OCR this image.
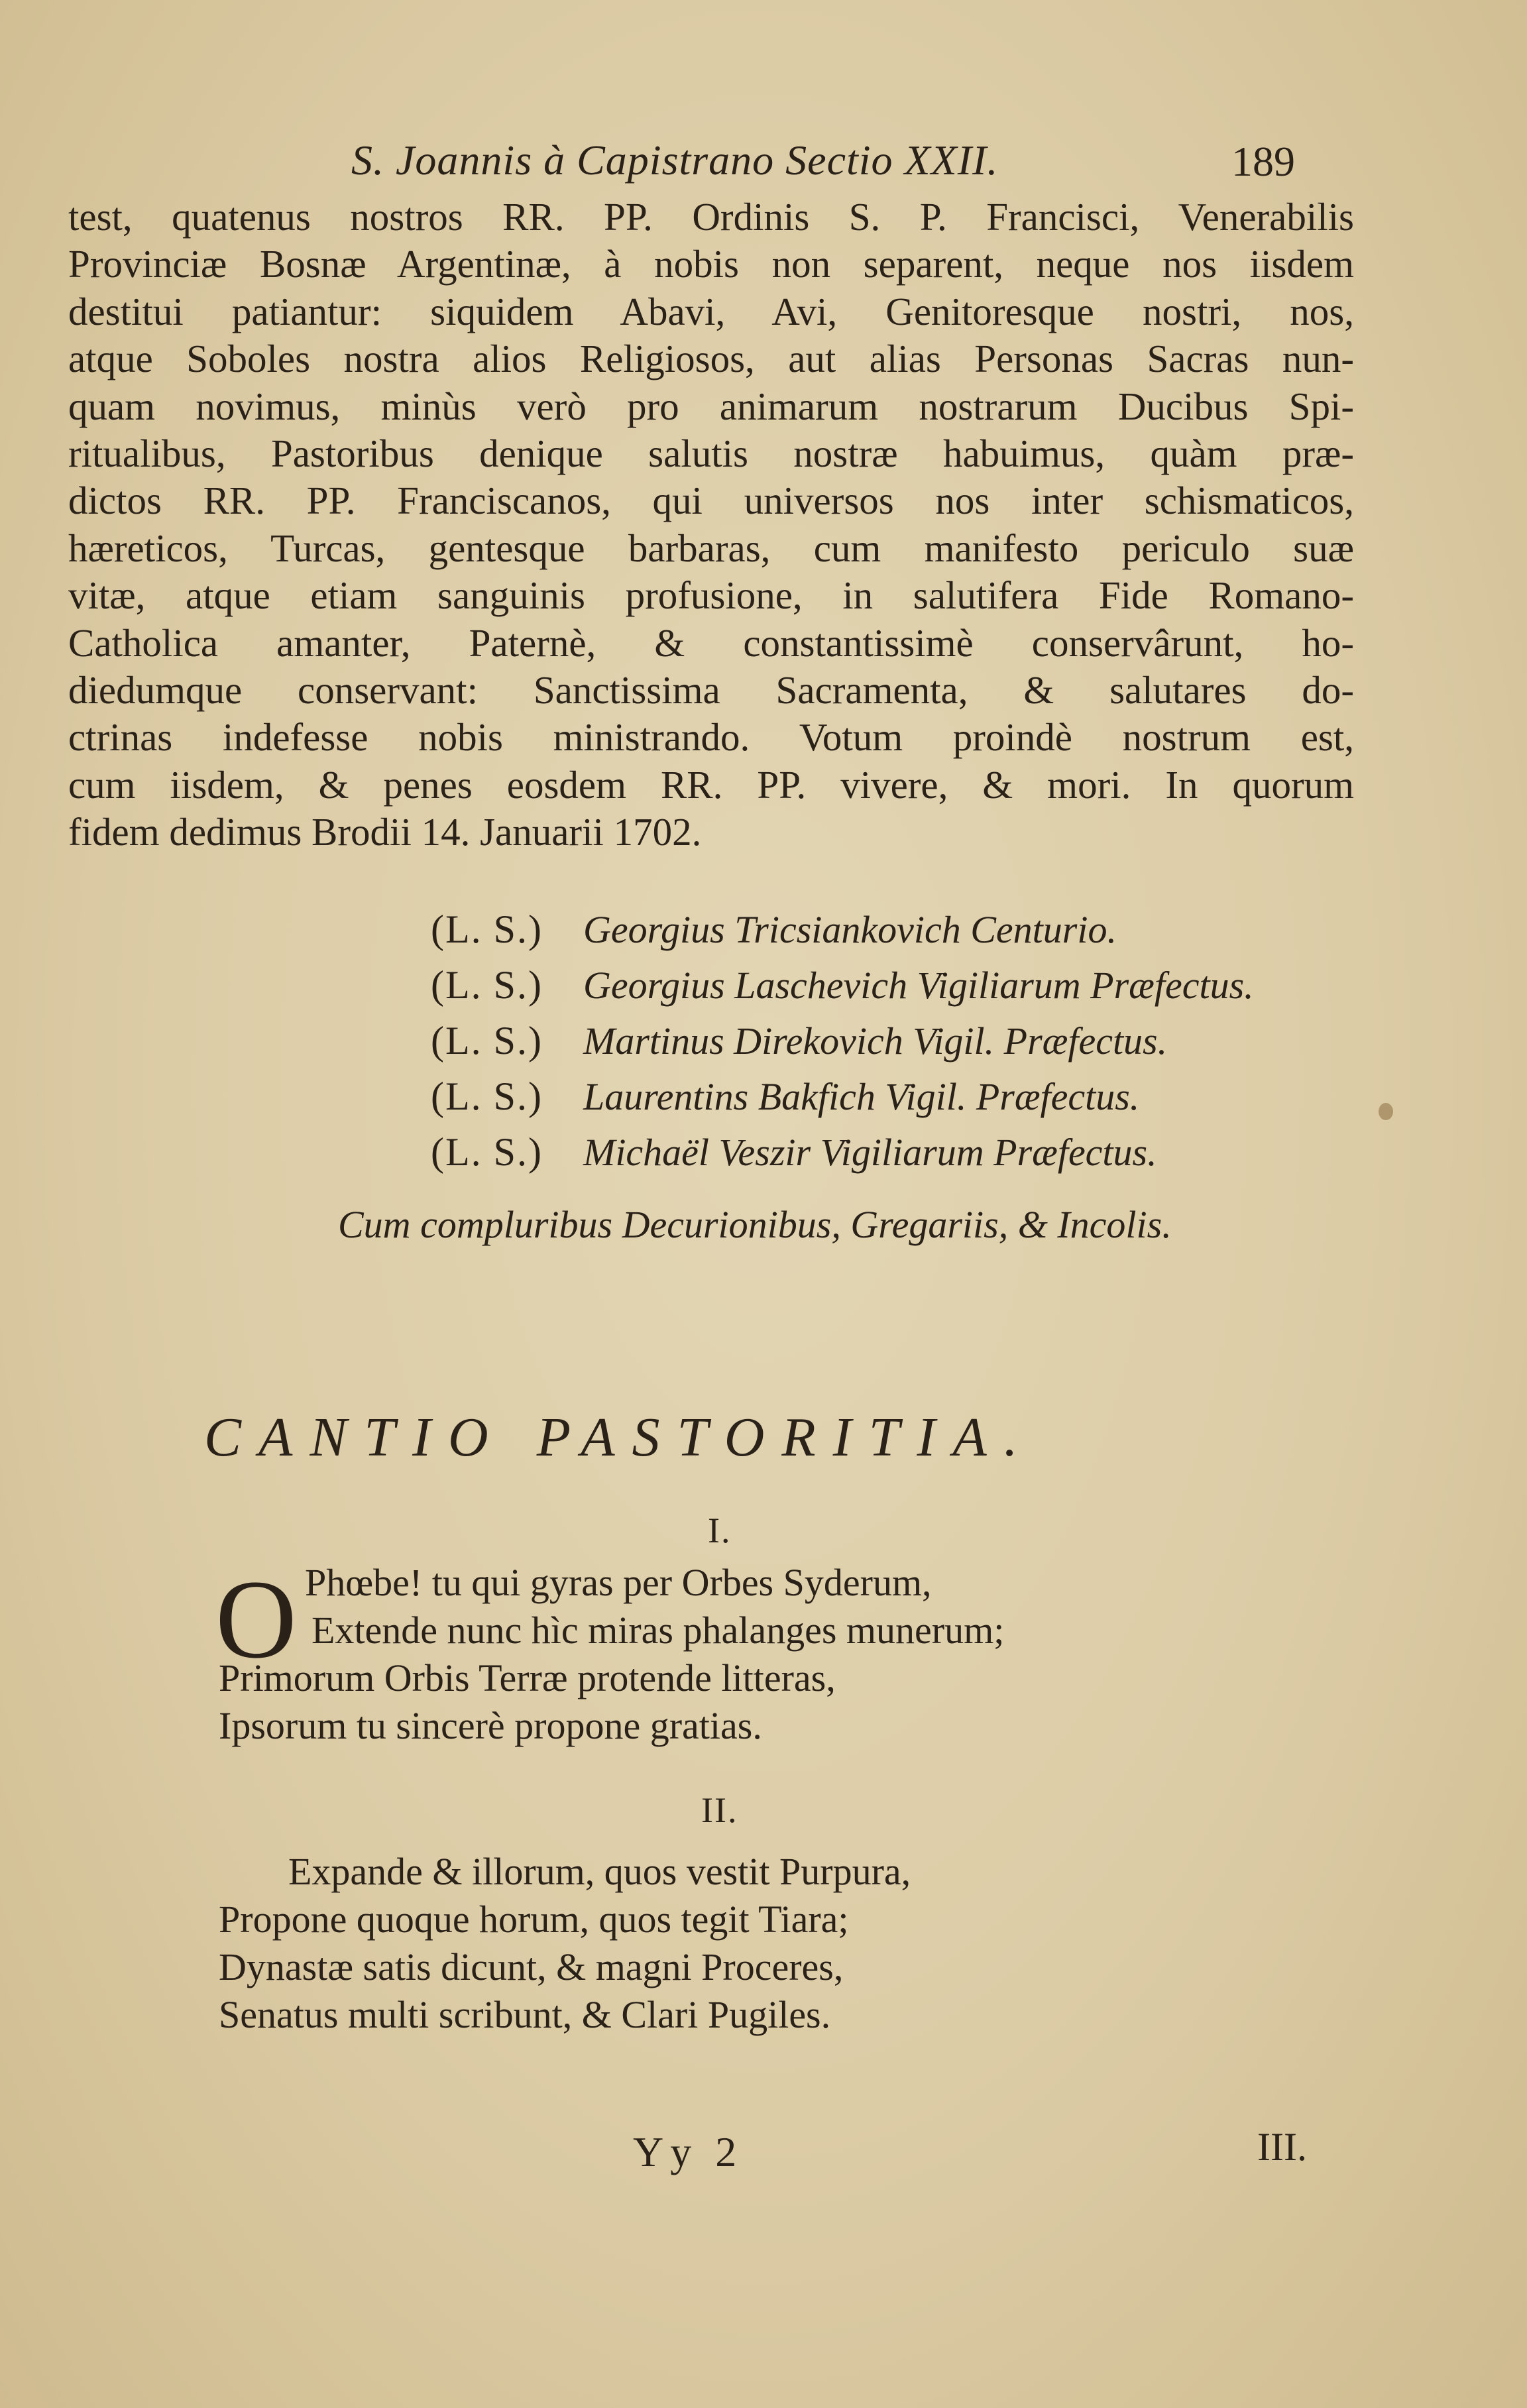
S. Joannis à Capistrano Sectio XXII.	189
test, quatenus nostros RR. PP. Ordinis S. P. Francisci, Venerabilis
Provinciæ Bosnæ Argentinæ, à nobis non separent, neque nos iisdem
destitui patiantur: siquidem Abavi, Avi, Genitoresque nostri, nos,
atque Soboles nostra alios Religiosos, aut alias Personas Sacras nun-
quam novimus, minùs verò pro animarum nostrarum Ducibus Spi-
ritualibus, Pastoribus denique salutis nostræ habuimus, quàm præ-
dictos RR. PP. Franciscanos, qui universos nos inter schismaticos,
hæreticos, Turcas, gentesque barbaras, cum manifesto periculo suæ
vitæ, atque etiam sanguinis profusione, in salutifera Fide Romano-
Catholica amanter, Paternè, & constantissimè conservârunt, ho-
diedumque conservant: Sanctissima Sacramenta, & salutares do-
ctrinas indefesse nobis ministrando. Votum proindè nostrum est,
cum iisdem, & penes eosdem RR. PP. vivere, & mori. In quorum
fidem dedimus Brodii 14. Januarii 1702.
(L. S.) Georgius Tricsiankovich Centurio.
(L. S.) Georgius Laschevich Vigiliarum Præfectus.
(L. S.) Martinus Direkovich Vigil. Præfectus.
(L. S.) Laurentins Bakfich Vigil. Præfectus.
(L. S.) Michaël Veszir Vigiliarum Præfectus.
Cum compluribus Decurionibus, Gregariis, & Incolis.
CANTIO PASTORITIA.
I.
O Phœbe! tu qui gyras per Orbes Syderum,
Extende nunc hìc miras phalanges munerum;
Primorum Orbis Terræ protende litteras,
Ipsorum tu sincerè propone gratias.
II.
Expande & illorum, quos vestit Purpura,
Propone quoque horum, quos tegit Tiara;
Dynastæ satis dicunt, & magni Proceres,
Senatus multi scribunt, & Clari Pugiles.
Yy 2	III.
